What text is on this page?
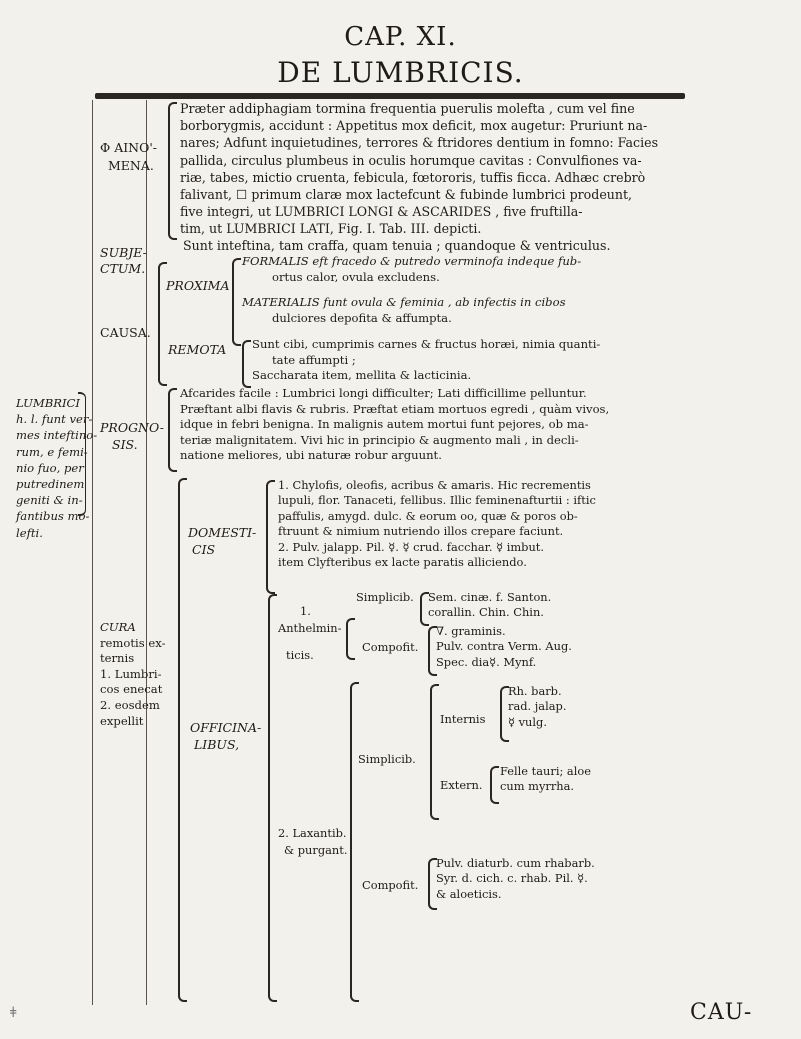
CAP. XI.
DE LUMBRICIS.
Φ AINO'-
MENA.
Præter addiphagiam tormina frequentia puerulis molefta , cum vel fine
borborygmis, accidunt : Appetitus mox deficit, mox augetur: Pruriunt na-
nares; Adfunt inquietudines, terrores & ftridores dentium in fomno: Facies
pallida, circulus plumbeus in oculis horumque cavitas : Convulfiones va-
riæ, tabes, mictio cruenta, febicula, fœtororis, tuffis ficca. Adhæc crebrò
falivant, ☐ primum claræ mox lactefcunt & fubinde lumbrici prodeunt,
five integri, ut LUMBRICI LONGI & ASCARIDES , five fruftilla-
tim, ut LUMBRICI LATI, Fig. I. Tab. III. depicti.
SUBJE-
CTUM.
Sunt inteftina, tam craffa, quam tenuia ; quandoque & ventriculus.
CAUSA.
PROXIMA
FORMALIS eft fracedo & putredo verminofa indeque fub-
ortus calor, ovula excludens.
MATERIALIS funt ovula & feminia , ab infectis in cibos
dulciores depofita & affumpta.
REMOTA Sunt cibi, cumprimis carnes & fructus horæi, nimia quanti-
tate affumpti ;
Saccharata item, mellita & lacticinia.
LUMBRICI
h. l. funt ver-
mes inteftino-
rum, e femi-
nio fuo, per
putredinem
geniti & in-
fantibus mo-
lefti.
PROGNO-
SIS.
Afcarides facile : Lumbrici longi difficulter; Lati difficillime pelluntur.
Præftant albi flavis & rubris. Præftat etiam mortuos egredi , quàm vivos,
idque in febri benigna. In malignis autem mortui funt pejores, ob ma-
teriæ malignitatem. Vivi hic in principio & augmento mali , in decli-
natione meliores, ubi naturæ robur arguunt.
CURA
remotis ex-
ternis
1. Lumbri-
cos enecat
2. eosdem
expellit
DOMESTI-
CIS
1. Chylofis, oleofis, acribus & amaris. Hic recrementis
lupuli, flor. Tanaceti, fellibus. Illic feminenafturtii : iftic
paffulis, amygd. dulc. & eorum oo, quæ & poros ob-
ftruunt & nimium nutriendo illos crepare faciunt.
2. Pulv. jalapp. Pil. ☿. ☿ crud. facchar. ☿ imbut.
item Clyfteribus ex lacte paratis alliciendo.
OFFICINA-
LIBUS,
1.
Anthelmin-
ticis.
Simplicib. Sem. cinæ. f. Santon.
corallin. Chin. Chin.
Compofit.
∇. graminis.
Pulv. contra Verm. Aug.
Spec. dia☿. Mynf.
2. Laxantib.
& purgant.
Simplicib.
Internis
Rh. barb.
rad. jalap.
☿ vulg.
Extern.
Felle tauri; aloe
cum myrrha.
Compofit.
Pulv. diaturb. cum rhabarb.
Syr. d. cich. c. rhab. Pil. ☿.
& aloeticis.
CAU-
ǂ
